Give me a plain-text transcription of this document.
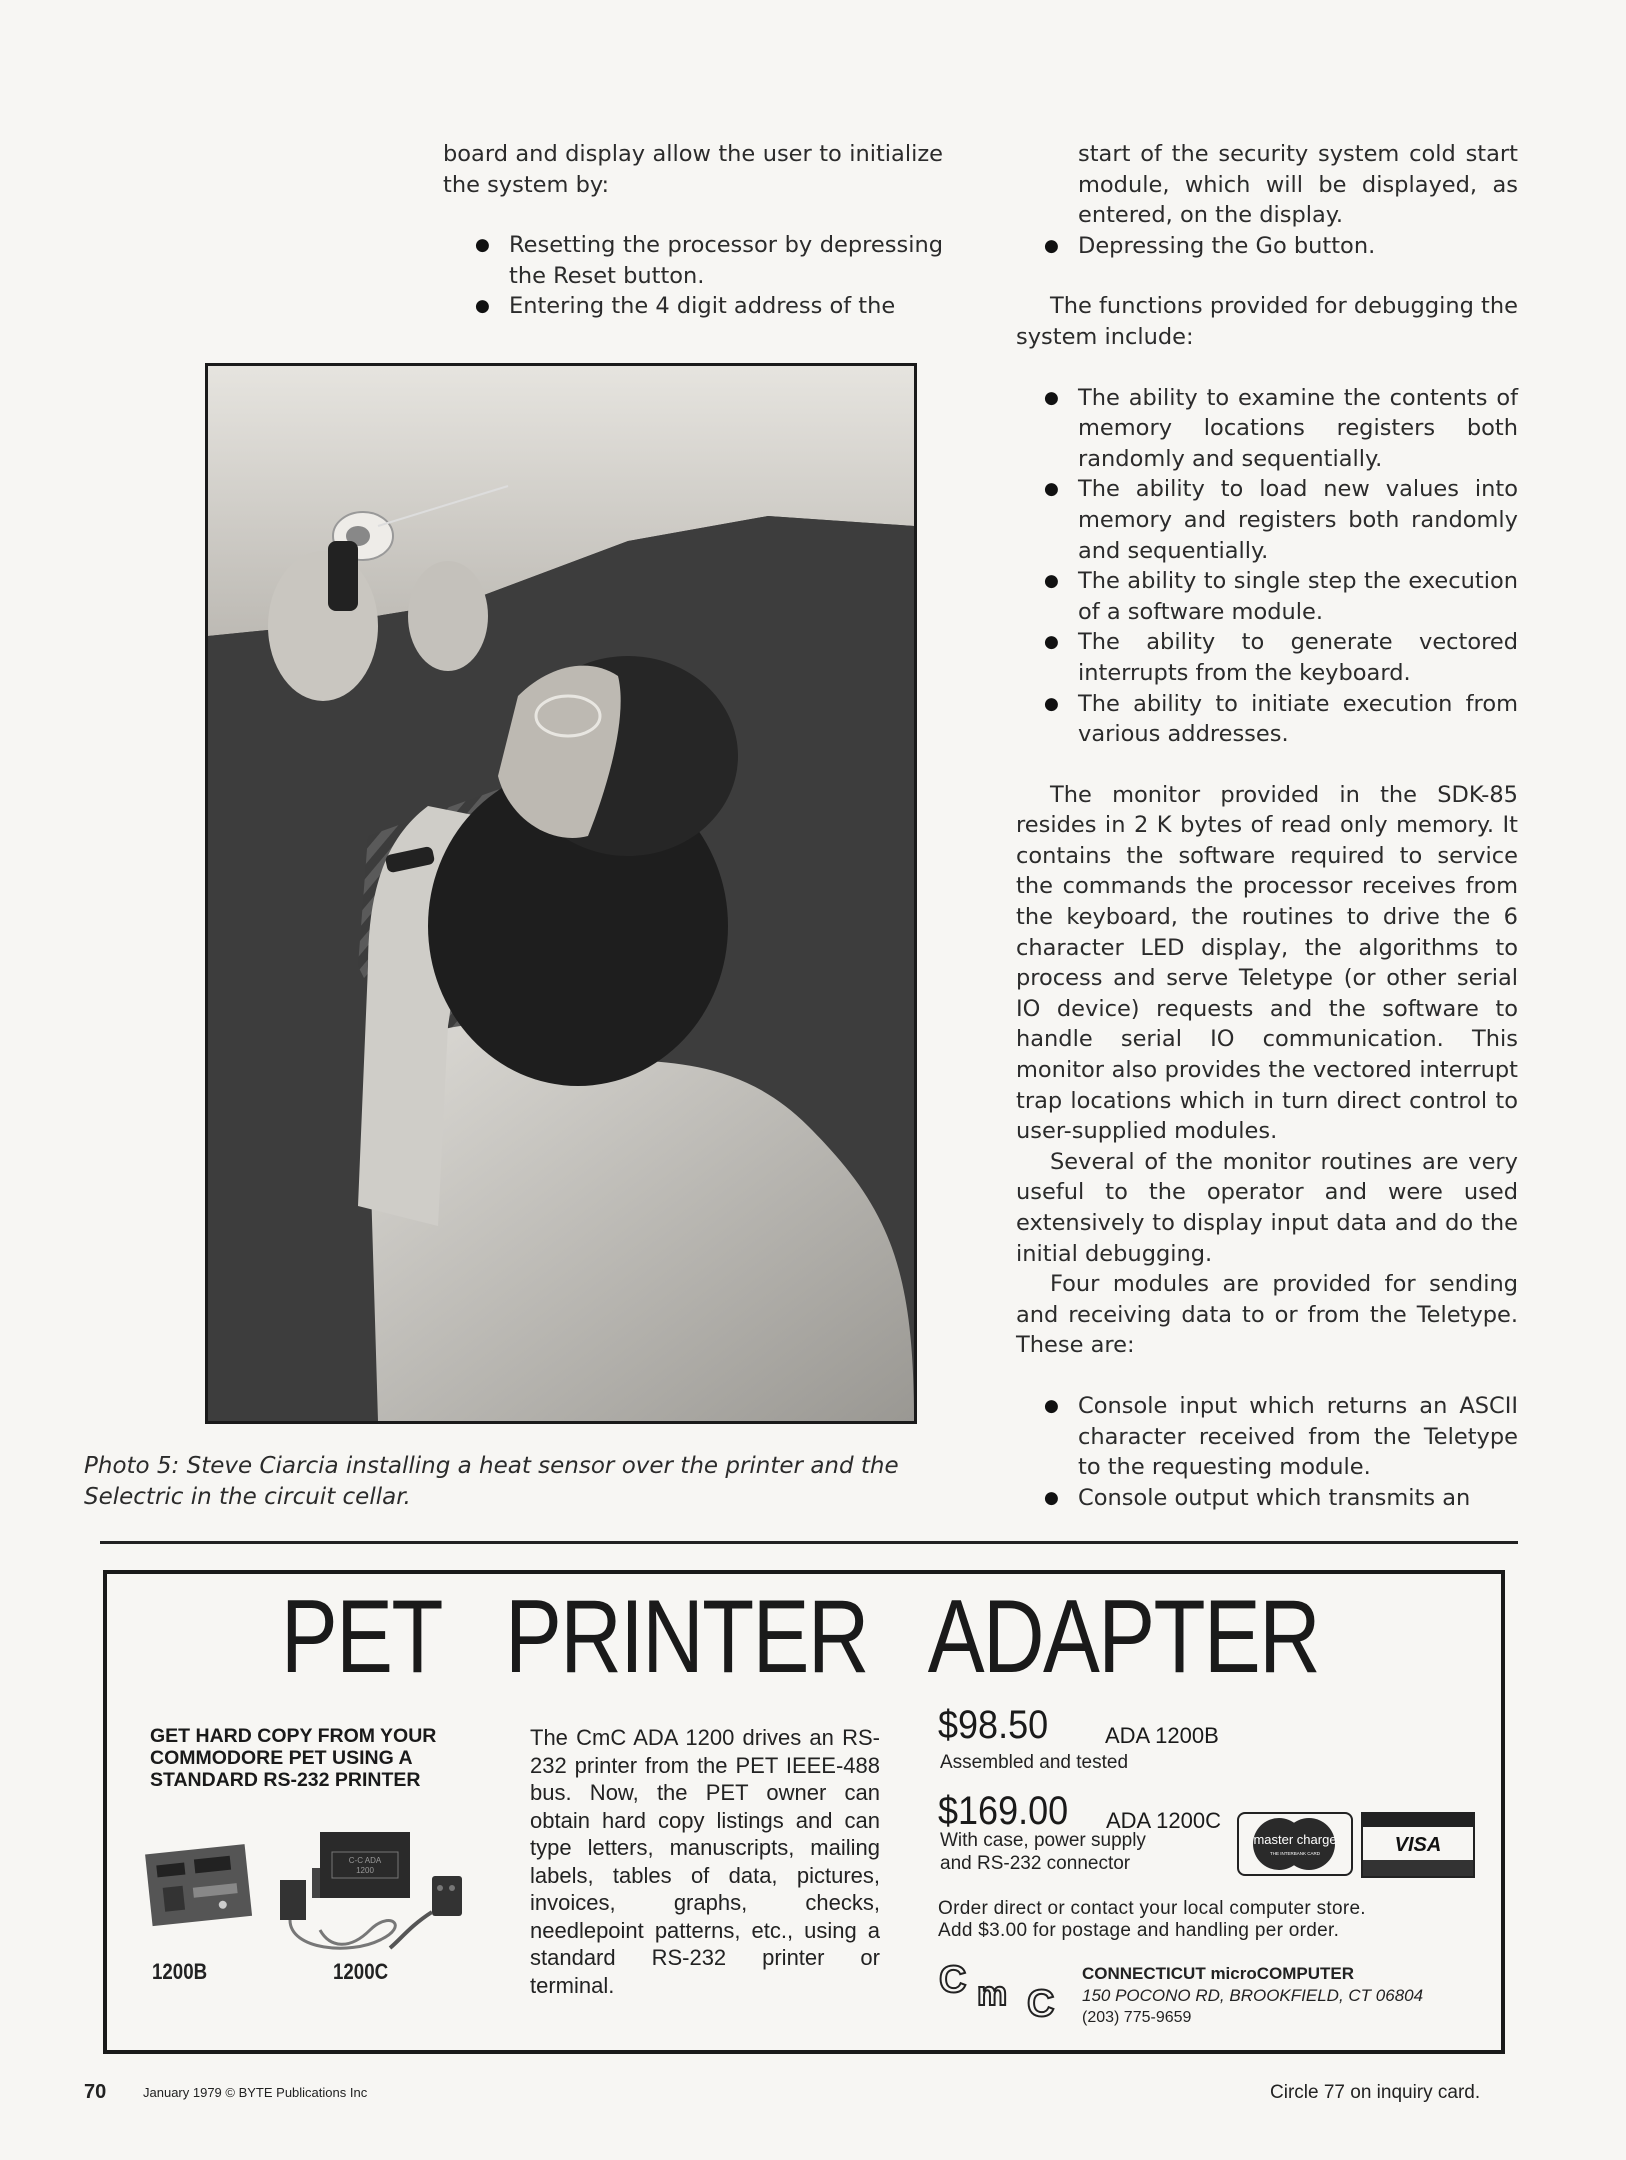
board and display allow the user to initialize the system by:

● Resetting the processor by depressing the Reset button.
● Entering the 4 digit address of the
Photo 5: Steve Ciarcia installing a heat sensor over the printer and the Selectric in the circuit cellar.

start of the security system cold start module, which will be displayed, as entered, on the display.

● Depressing the Go button.

The functions provided for debugging the system include:

● The ability to examine the contents of memory locations registers both randomly and sequentially.
● The ability to load new values into memory and registers both randomly and sequentially.
● The ability to single step the execution of a software module.
● The ability to generate vectored interrupts from the keyboard.
● The ability to initiate execution from various addresses.

The monitor provided in the SDK-85 resides in 2 K bytes of read only memory. It contains the software required to service the commands the processor receives from the keyboard, the routines to drive the 6 character LED display, the algorithms to process and serve Teletype (or other serial IO device) requests and the software to handle serial IO communication. This monitor also provides the vectored interrupt trap locations which in turn direct control to user-supplied modules.

Several of the monitor routines are very useful to the operator and were used extensively to display input data and do the initial debugging.

Four modules are provided for sending and receiving data to or from the Teletype. These are:

● Console input which returns an ASCII character received from the Teletype to the requesting module.
● Console output which transmits an
PET PRINTER ADAPTER
GET HARD COPY FROM YOUR COMMODORE PET USING A STANDARD RS-232 PRINTER
C-C ADA
1200
1200B	1200C
The CmC ADA 1200 drives an RS-232 printer from the PET IEEE-488 bus. Now, the PET owner can obtain hard copy listings and can type letters, manuscripts, mailing labels, tables of data, pictures, invoices, graphs, checks, needlepoint patterns, etc., using a standard RS-232 printer or terminal.
$98.50	ADA 1200B
Assembled and tested
$169.00 ADA 1200C
With case, power supply
and RS-232 connector
master charge
THE INTERBANK CARD	VISA
Order direct or contact your local computer store.
Add $3.00 for postage and handling per order.
C m C
CONNECTICUT microCOMPUTER
150 POCONO RD, BROOKFIELD, CT 06804
(203) 775-9659
70	January 1979 © BYTE Publications Inc	Circle 77 on inquiry card.
